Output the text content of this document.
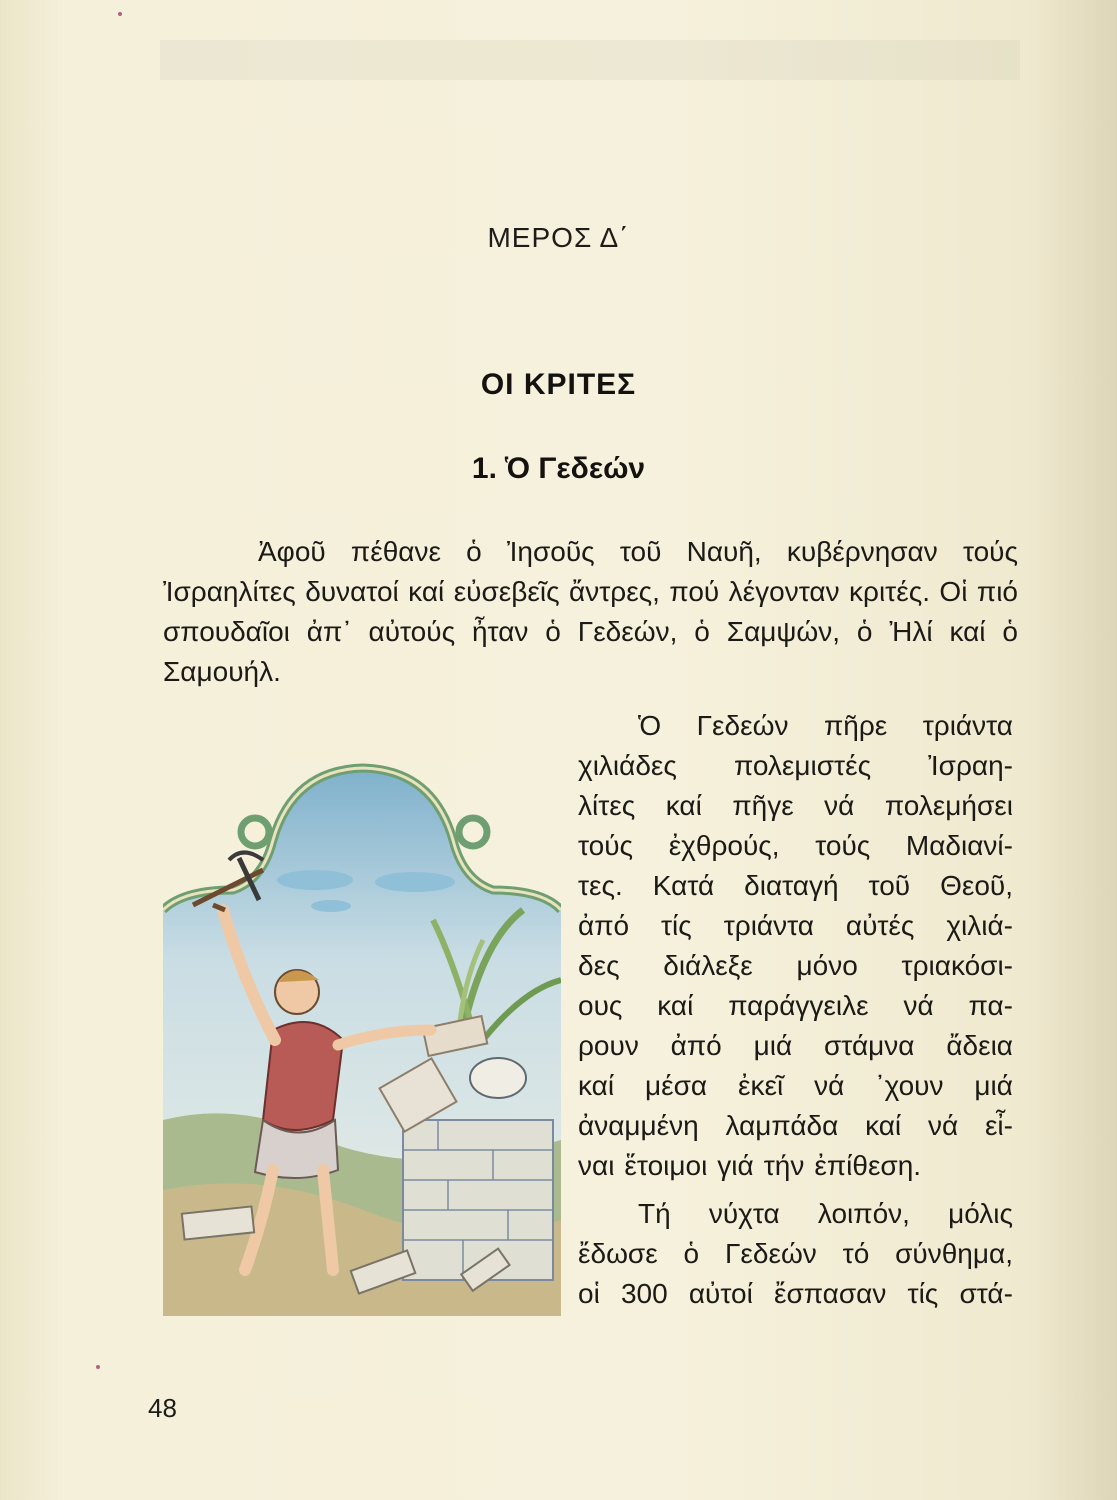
ΜΕΡΟΣ Δ΄
ΟΙ ΚΡΙΤΕΣ
1. Ὁ Γεδεών

Ἀφοῦ πέθανε ὁ Ἰησοῦς τοῦ Ναυῆ, κυβέρνησαν τούς Ἰσραηλίτες δυνατοί καί εὐσεβεῖς ἄντρες, πού λέγονταν κριτές. Οἱ πιό σπουδαῖοι ἀπ᾽ αὐτούς ἦταν ὁ Γεδεών, ὁ Σαμψών, ὁ Ἠλί καί ὁ Σαμουήλ.

Ὁ Γεδεών πῆρε τριάντα
χιλιάδες πολεμιστές Ἰσραη-
λίτες καί πῆγε νά πολεμήσει
τούς ἐχθρούς, τούς Μαδιανί-
τες. Κατά διαταγή τοῦ Θεοῦ,
ἀπό τίς τριάντα αὐτές χιλιά-
δες διάλεξε μόνο τριακόσι-
ους καί παράγγειλε νά πα-
ρουν ἀπό μιά στάμνα ἄδεια
καί μέσα ἐκεῖ νά ᾽χουν μιά
ἀναμμένη λαμπάδα καί νά εἶ-
ναι ἕτοιμοι γιά τήν ἐπίθεση.
Τή νύχτα λοιπόν, μόλις
ἔδωσε ὁ Γεδεών τό σύνθημα,
οἱ 300 αὐτοί ἔσπασαν τίς στά-
48
